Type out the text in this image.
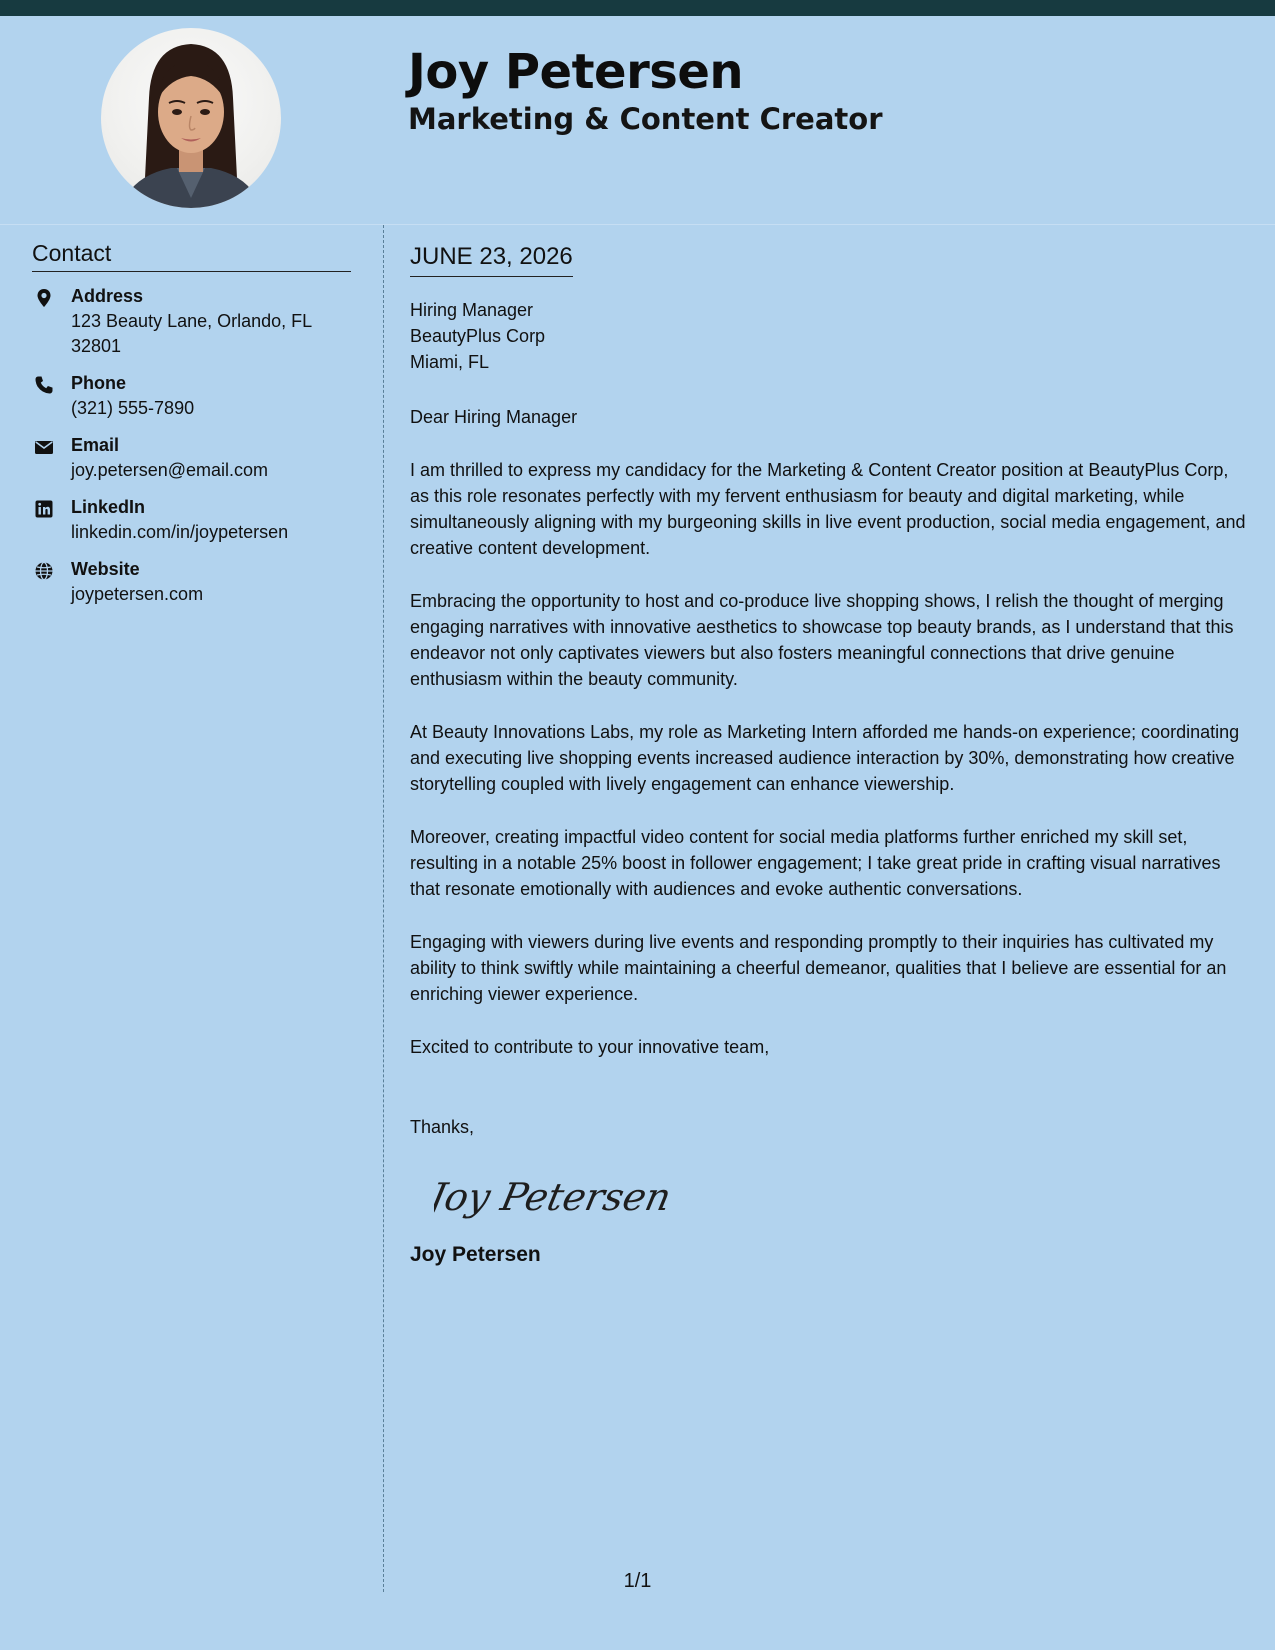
Joy Petersen
Marketing & Content Creator
Contact
Address
123 Beauty Lane, Orlando, FL 32801
Phone
(321) 555-7890
Email
joy.petersen@email.com
LinkedIn
linkedin.com/in/joypetersen
Website
joypetersen.com
JUNE 23, 2026
Hiring Manager
BeautyPlus Corp
Miami, FL
Dear Hiring Manager

I am thrilled to express my candidacy for the Marketing & Content Creator position at BeautyPlus Corp, as this role resonates perfectly with my fervent enthusiasm for beauty and digital marketing, while simultaneously aligning with my burgeoning skills in live event production, social media engagement, and creative content development.

Embracing the opportunity to host and co-produce live shopping shows, I relish the thought of merging engaging narratives with innovative aesthetics to showcase top beauty brands, as I understand that this endeavor not only captivates viewers but also fosters meaningful connections that drive genuine enthusiasm within the beauty community.

At Beauty Innovations Labs, my role as Marketing Intern afforded me hands-on experience; coordinating and executing live shopping events increased audience interaction by 30%, demonstrating how creative storytelling coupled with lively engagement can enhance viewership.

Moreover, creating impactful video content for social media platforms further enriched my skill set, resulting in a notable 25% boost in follower engagement; I take great pride in crafting visual narratives that resonate emotionally with audiences and evoke authentic conversations.

Engaging with viewers during live events and responding promptly to their inquiries has cultivated my ability to think swiftly while maintaining a cheerful demeanor, qualities that I believe are essential for an enriching viewer experience.

Excited to contribute to your innovative team,
Thanks,
Joy Petersen
Joy Petersen
1/1
